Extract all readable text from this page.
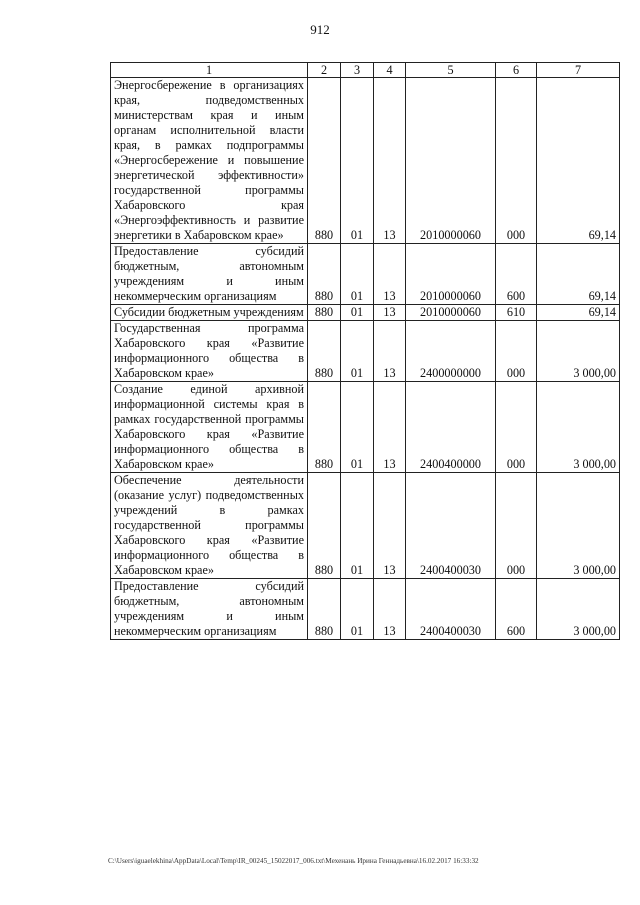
912
1	2	3	4	5	6	7
Энергосбережение в организациях края, подведомственных министерствам края и иным органам исполнительной власти края, в рамках подпрограммы «Энергосбережение и повышение энергетической эффективности» государственной программы Хабаровского края «Энергоэффективность и развитие энергетики в Хабаровском крае»	880	01	13	2010000060	000	69,14
Предоставление субсидий бюджетным, автономным учреждениям и иным некоммерческим организациям	880	01	13	2010000060	600	69,14
Субсидии бюджетным учреждениям	880	01	13	2010000060	610	69,14
Государственная программа Хабаровского края «Развитие информационного общества в Хабаровском крае»	880	01	13	2400000000	000	3 000,00
Создание единой архивной информационной системы края в рамках государственной программы Хабаровского края «Развитие информационного общества в Хабаровском крае»	880	01	13	2400400000	000	3 000,00
Обеспечение деятельности (оказание услуг) подведомственных учреждений в рамках государственной программы Хабаровского края «Развитие информационного общества в Хабаровском крае»	880	01	13	2400400030	000	3 000,00
Предоставление субсидий бюджетным, автономным учреждениям и иным некоммерческим организациям	880	01	13	2400400030	600	3 000,00
C:\Users\iguaelekhina\AppData\Local\Temp\IR_00245_15022017_006.txt\Мехенань Ирина Геннадьевна\16.02.2017 16:33:32
